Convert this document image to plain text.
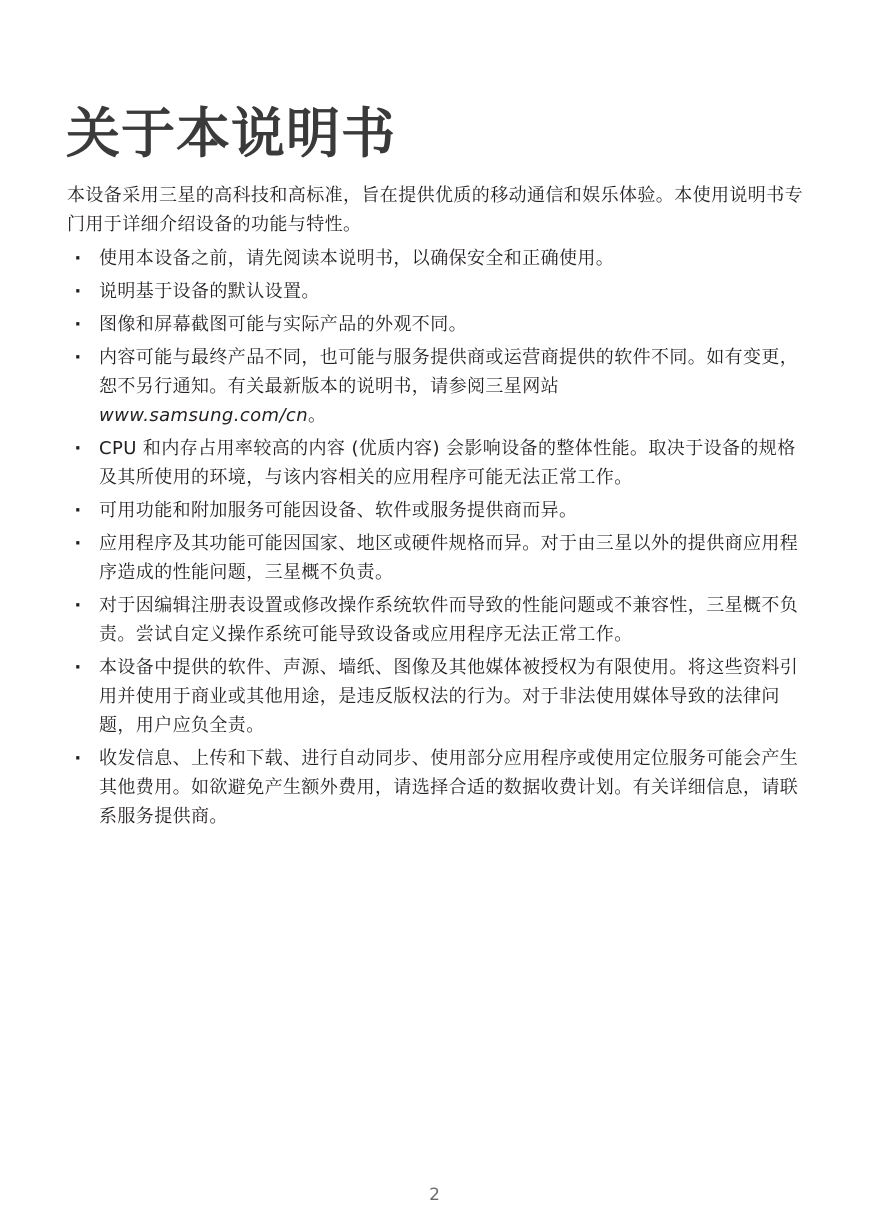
关于本说明书

本设备采用三星的高科技和高标准，旨在提供优质的移动通信和娱乐体验。本使用说明书专门用于详细介绍设备的功能与特性。

· 使用本设备之前，请先阅读本说明书，以确保安全和正确使用。
· 说明基于设备的默认设置。
· 图像和屏幕截图可能与实际产品的外观不同。
· 内容可能与最终产品不同，也可能与服务提供商或运营商提供的软件不同。如有变更，恕不另行通知。有关最新版本的说明书，请参阅三星网站
www.samsung.com/cn。
· CPU 和内存占用率较高的内容 (优质内容) 会影响设备的整体性能。取决于设备的规格及其所使用的环境，与该内容相关的应用程序可能无法正常工作。
· 可用功能和附加服务可能因设备、软件或服务提供商而异。
· 应用程序及其功能可能因国家、地区或硬件规格而异。对于由三星以外的提供商应用程序造成的性能问题，三星概不负责。
· 对于因编辑注册表设置或修改操作系统软件而导致的性能问题或不兼容性，三星概不负责。尝试自定义操作系统可能导致设备或应用程序无法正常工作。
· 本设备中提供的软件、声源、墙纸、图像及其他媒体被授权为有限使用。将这些资料引用并使用于商业或其他用途，是违反版权法的行为。对于非法使用媒体导致的法律问题，用户应负全责。
· 收发信息、上传和下载、进行自动同步、使用部分应用程序或使用定位服务可能会产生其他费用。如欲避免产生额外费用，请选择合适的数据收费计划。有关详细信息，请联系服务提供商。
2
